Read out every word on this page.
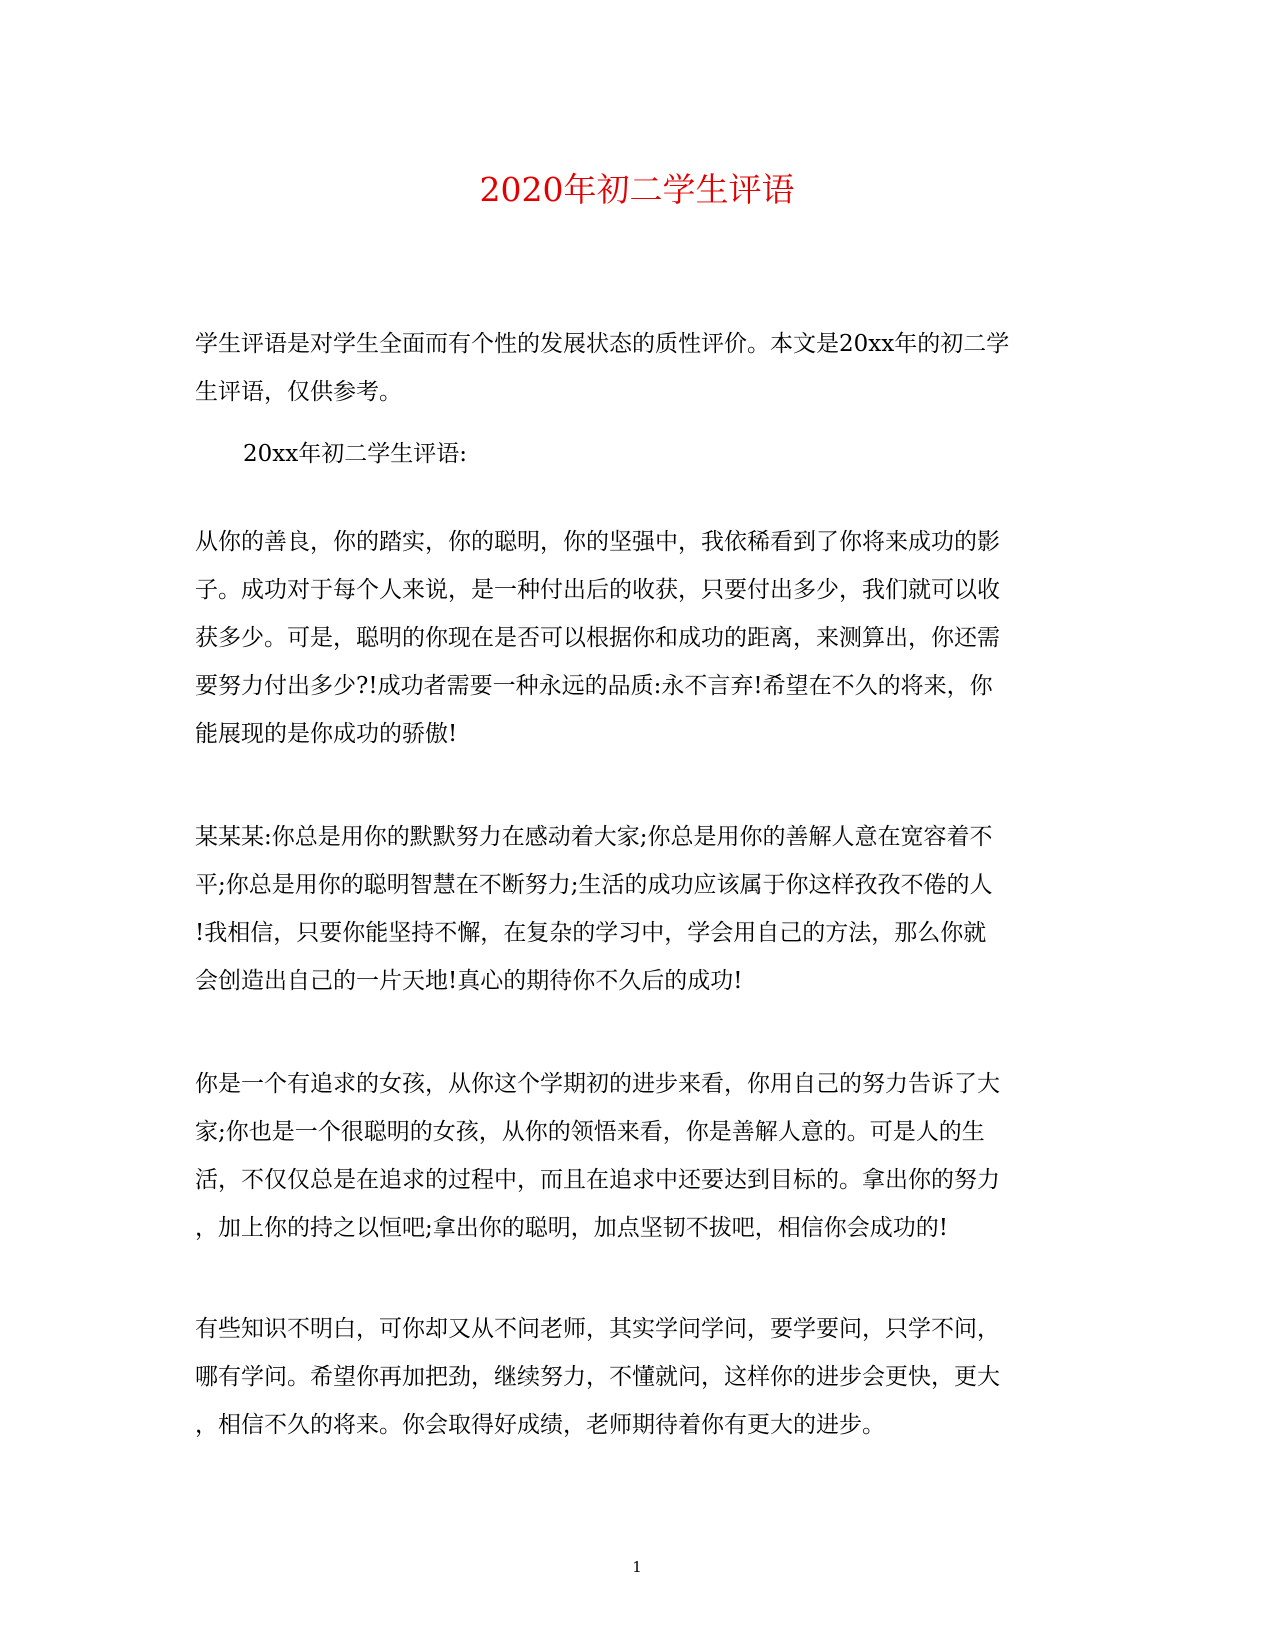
2020年初二学生评语

学生评语是对学生全面而有个性的发展状态的质性评价。本文是20xx年的初二学
生评语，仅供参考。

20xx年初二学生评语:

从你的善良，你的踏实，你的聪明，你的坚强中，我依稀看到了你将来成功的影
子。成功对于每个人来说，是一种付出后的收获，只要付出多少，我们就可以收
获多少。可是，聪明的你现在是否可以根据你和成功的距离，来测算出，你还需
要努力付出多少?!成功者需要一种永远的品质:永不言弃!希望在不久的将来，你
能展现的是你成功的骄傲!

某某某:你总是用你的默默努力在感动着大家;你总是用你的善解人意在宽容着不
平;你总是用你的聪明智慧在不断努力;生活的成功应该属于你这样孜孜不倦的人
!我相信，只要你能坚持不懈，在复杂的学习中，学会用自己的方法，那么你就
会创造出自己的一片天地!真心的期待你不久后的成功!

你是一个有追求的女孩，从你这个学期初的进步来看，你用自己的努力告诉了大
家;你也是一个很聪明的女孩，从你的领悟来看，你是善解人意的。可是人的生
活，不仅仅总是在追求的过程中，而且在追求中还要达到目标的。拿出你的努力
，加上你的持之以恒吧;拿出你的聪明，加点坚韧不拔吧，相信你会成功的!

有些知识不明白，可你却又从不问老师，其实学问学问，要学要问，只学不问，
哪有学问。希望你再加把劲，继续努力，不懂就问，这样你的进步会更快，更大
，相信不久的将来。你会取得好成绩，老师期待着你有更大的进步。

1
